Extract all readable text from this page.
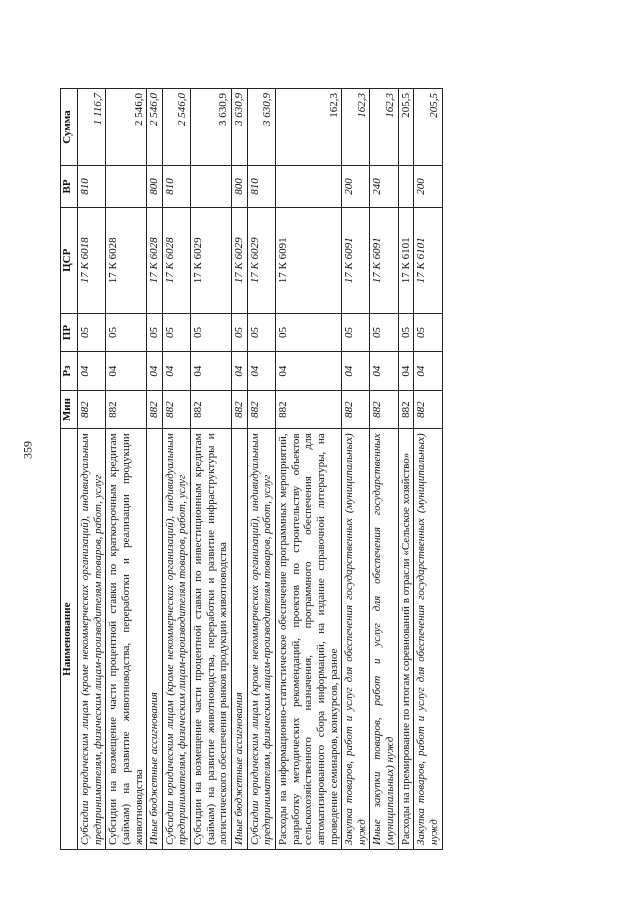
359
Наименование	Мин	Рз	ПР	ЦСР	ВР	Сумма
Субсидии юридическим лицам (кроме некоммерческих организаций), индивидуальным предпринимателям, физическим лицам-производителям товаров, работ, услуг	882	04	05	17 К 6018	810	1 116,7
Субсидии на возмещение части процентной ставки по краткосрочным кредитам (займам) на развитие животноводства, переработки и реализации продукции животноводства	882	04	05	17 К 6028		2 546,0
Иные бюджетные ассигнования	882	04	05	17 К 6028	800	2 546,0
Субсидии юридическим лицам (кроме некоммерческих организаций), индивидуальным предпринимателям, физическим лицам-производителям товаров, работ, услуг	882	04	05	17 К 6028	810	2 546,0
Субсидии на возмещение части процентной ставки по инвестиционным кредитам (займам) на развитие животноводства, переработки и развитие инфраструктуры и логистического обеспечения рынков продукции животноводства	882	04	05	17 К 6029		3 630,9
Иные бюджетные ассигнования	882	04	05	17 К 6029	800	3 630,9
Субсидии юридическим лицам (кроме некоммерческих организаций), индивидуальным предпринимателям, физическим лицам-производителям товаров, работ, услуг	882	04	05	17 К 6029	810	3 630,9
Расходы на информационно-статистическое обеспечение программных мероприятий, разработку методических рекомендаций, проектов по строительству объектов сельскохозяйственного назначения, программного обеспечения для автоматизированного сбора информаций, на издание справочной литературы, на проведение семинаров, конкурсов, разное	882	04	05	17 К 6091		162,3
Закупка товаров, работ и услуг для обеспечения государственных (муниципальных) нужд	882	04	05	17 К 6091	200	162,3
Иные закупки товаров, работ и услуг для обеспечения государственных (муниципальных) нужд	882	04	05	17 К 6091	240	162,3
Расходы на премирование по итогам соревнований в отрасли «Сельское хозяйство»	882	04	05	17 К 6101		205,5
Закупка товаров, работ и услуг для обеспечения государственных (муниципальных) нужд	882	04	05	17 К 6101	200	205,5
